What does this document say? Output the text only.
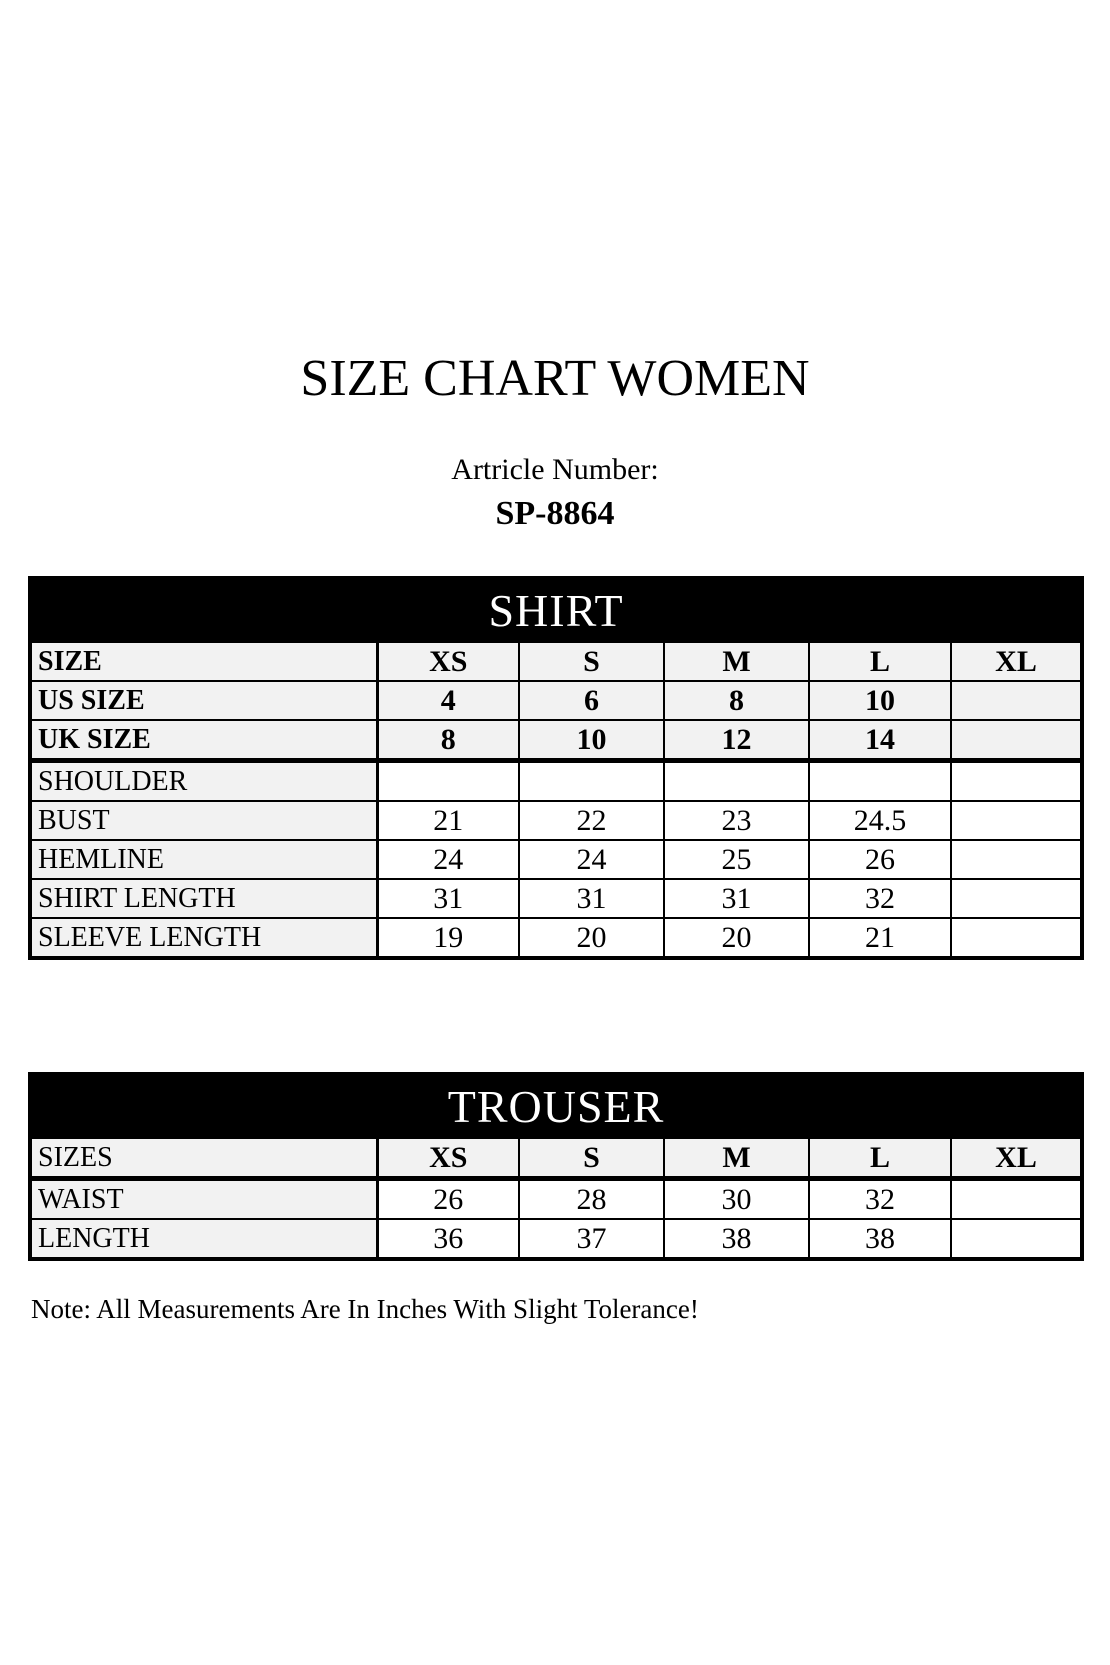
SIZE CHART WOMEN
Artricle Number:
SP-8864
SHIRT					
SIZE	XS	S	M	L	XL
US SIZE	4	6	8	10	
UK SIZE	8	10	12	14	
SHOULDER					
BUST	21	22	23	24.5	
HEMLINE	24	24	25	26	
SHIRT LENGTH	31	31	31	32	
SLEEVE LENGTH	19	20	20	21	
TROUSER					
SIZES	XS	S	M	L	XL
WAIST	26	28	30	32	
LENGTH	36	37	38	38	
Note: All Measurements Are In Inches With Slight Tolerance!
